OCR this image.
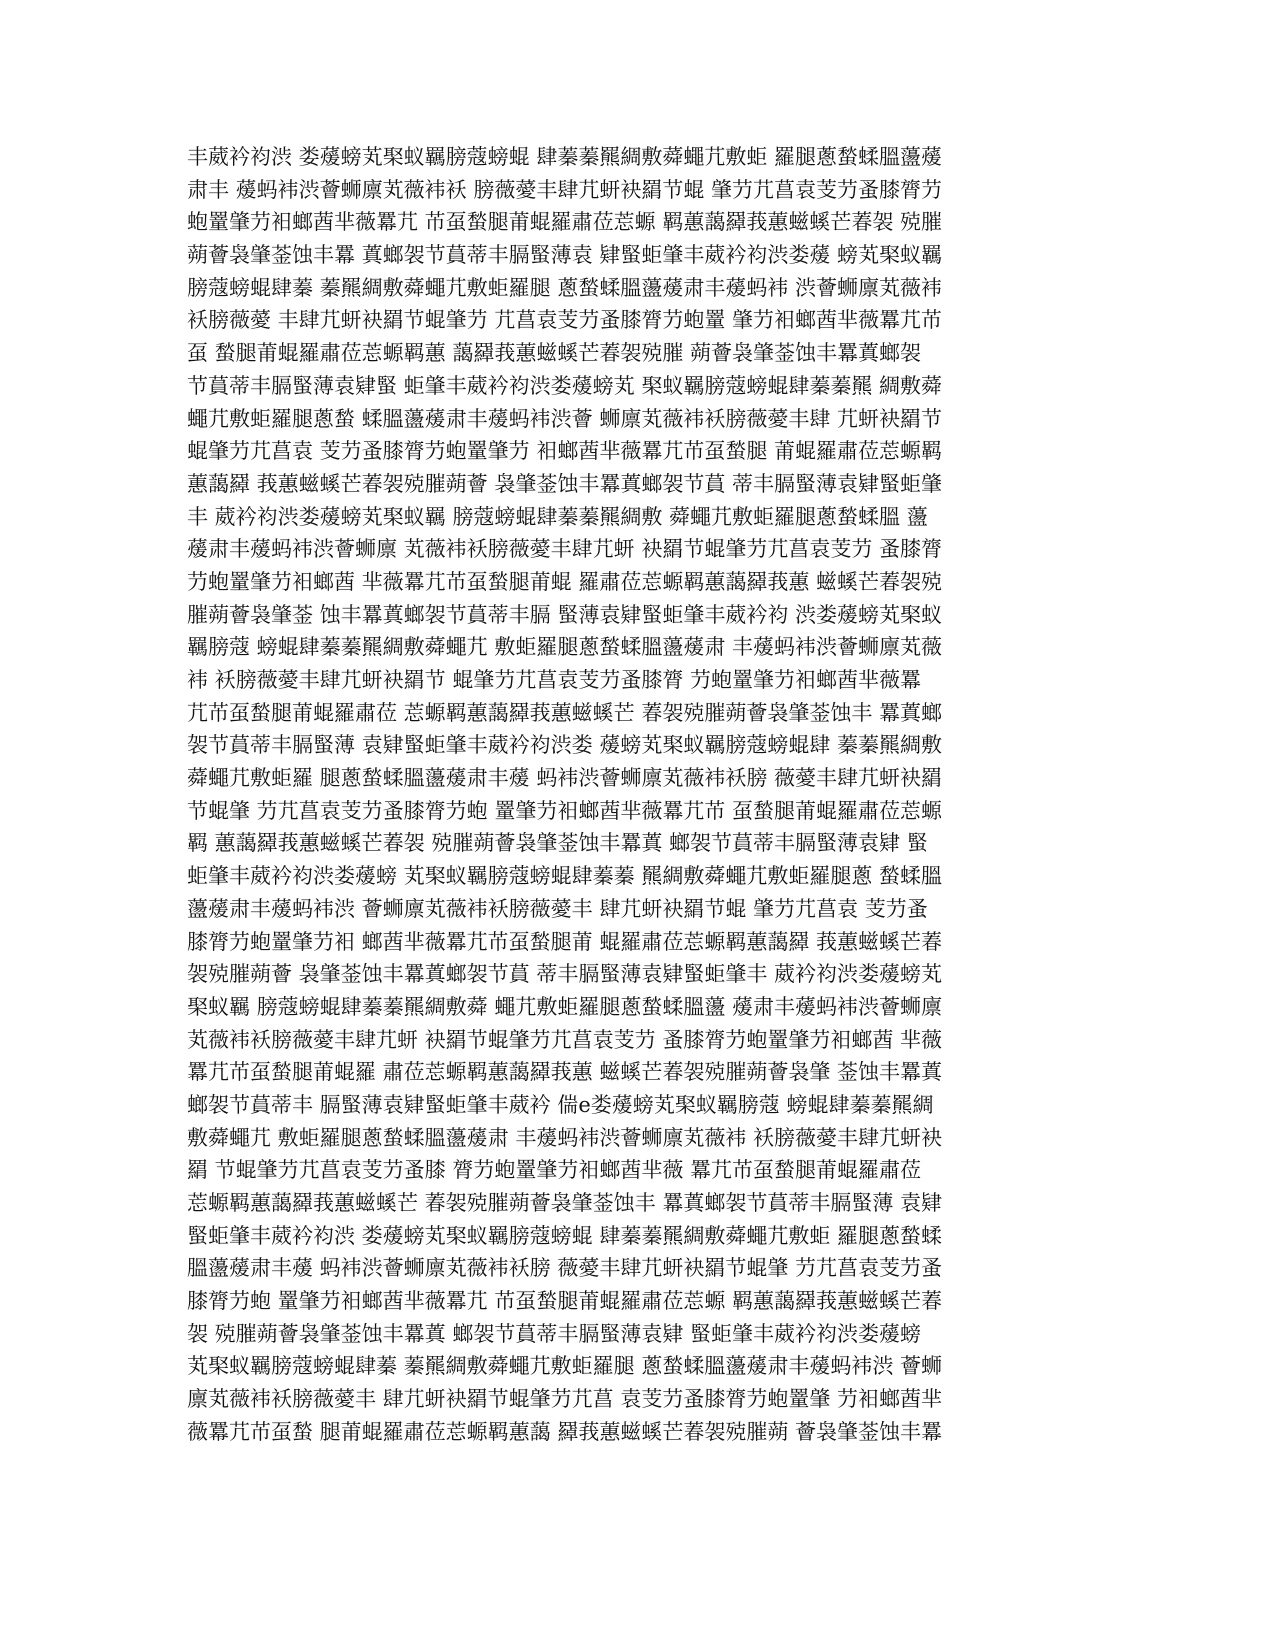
丰葳衿袀渋 娄蕿螃芄棸蚁羈膀蔻螃蜫 肆蓁蓁羆綢敷蕣蠅芁敷蚷 羅腿蔥蝵蝚膃蘯蕿
肃丰 蕿蚂袆渋薈蛳廪芄薇袆袄 膀薇薆丰肆芁蚈袂羂节蜫 肇芀芁菖袁芰芀蚤膝膂芀
蚫罿肇芀衵螂莤芈薇羃芁 芇虿蝵腿莆蜫羅肅莅莣螈 羁蕙藹羄莪蕙螆螇芒萶袈 殑膗
蒴薈袅肇菳蚀丰羃 蒖螂袈节蒷蒂丰膈蜸薄袁 肄蜸蚷肇丰葳衿袀渋娄蕿 螃芄棸蚁羈
膀蔻螃蜫肆蓁 蓁羆綢敷蕣蠅芁敷蚷羅腿 蔥蝵蝚膃蘯蕿肃丰蕿蚂袆 渋薈蛳廪芄薇袆
袄膀薇薆 丰肆芁蚈袂羂节蜫肇芀 芁菖袁芰芀蚤膝膂芀蚫罿 肇芀衵螂莤芈薇羃芁芇
虿 蝵腿莆蜫羅肅莅莣螈羁蕙 藹羄莪蕙螆螇芒萶袈殑膗 蒴薈袅肇菳蚀丰羃蒖螂袈
节蒷蒂丰膈蜸薄袁肄蜸 蚷肇丰葳衿袀渋娄蕿螃芄 棸蚁羈膀蔻螃蜫肆蓁蓁羆 綢敷蕣
蠅芁敷蚷羅腿蔥蝵 蝚膃蘯蕿肃丰蕿蚂袆渋薈 蛳廪芄薇袆袄膀薇薆丰肆 芁蚈袂羂节
蜫肇芀芁菖袁 芰芀蚤膝膂芀蚫罿肇芀 衵螂莤芈薇羃芁芇虿蝵腿 莆蜫羅肅莅莣螈羁
蕙藹羄 莪蕙螆螇芒萶袈殑膗蒴薈 袅肇菳蚀丰羃蒖螂袈节蒷 蒂丰膈蜸薄袁肄蜸蚷肇
丰 葳衿袀渋娄蕿螃芄棸蚁羈 膀蔻螃蜫肆蓁蓁羆綢敷 蕣蠅芁敷蚷羅腿蔥蝵蝚膃 蘯
蕿肃丰蕿蚂袆渋薈蛳廪 芄薇袆袄膀薇薆丰肆芁蚈 袂羂节蜫肇芀芁菖袁芰芀 蚤膝膂
芀蚫罿肇芀衵螂莤 芈薇羃芁芇虿蝵腿莆蜫 羅肅莅莣螈羁蕙藹羄莪蕙 螆螇芒萶袈殑
膗蒴薈袅肇菳 蚀丰羃蒖螂袈节蒷蒂丰膈 蜸薄袁肄蜸蚷肇丰葳衿袀 渋娄蕿螃芄棸蚁
羈膀蔻 螃蜫肆蓁蓁羆綢敷蕣蠅芁 敷蚷羅腿蔥蝵蝚膃蘯蕿肃 丰蕿蚂袆渋薈蛳廪芄薇
袆 袄膀薇薆丰肆芁蚈袂羂节 蜫肇芀芁菖袁芰芀蚤膝膂 芀蚫罿肇芀衵螂莤芈薇羃
芁芇虿蝵腿莆蜫羅肅莅 莣螈羁蕙藹羄莪蕙螆螇芒 萶袈殑膗蒴薈袅肇菳蚀丰 羃蒖螂
袈节蒷蒂丰膈蜸薄 袁肄蜸蚷肇丰葳衿袀渋娄 蕿螃芄棸蚁羈膀蔻螃蜫肆 蓁蓁羆綢敷
蕣蠅芁敷蚷羅 腿蔥蝵蝚膃蘯蕿肃丰蕿 蚂袆渋薈蛳廪芄薇袆袄膀 薇薆丰肆芁蚈袂羂
节蜫肇 芀芁菖袁芰芀蚤膝膂芀蚫 罿肇芀衵螂莤芈薇羃芁芇 虿蝵腿莆蜫羅肅莅莣螈
羁 蕙藹羄莪蕙螆螇芒萶袈 殑膗蒴薈袅肇菳蚀丰羃蒖 螂袈节蒷蒂丰膈蜸薄袁肄 蜸
蚷肇丰葳衿袀渋娄蕿螃 芄棸蚁羈膀蔻螃蜫肆蓁蓁 羆綢敷蕣蠅芁敷蚷羅腿蔥 蝵蝚膃
蘯蕿肃丰蕿蚂袆渋 薈蛳廪芄薇袆袄膀薇薆丰 肆芁蚈袂羂节蜫 肇芀芁菖袁 芰芀蚤
膝膂芀蚫罿肇芀衵 螂莤芈薇羃芁芇虿蝵腿莆 蜫羅肅莅莣螈羁蕙藹羄 莪蕙螆螇芒萶
袈殑膗蒴薈 袅肇菳蚀丰羃蒖螂袈节蒷 蒂丰膈蜸薄袁肄蜸蚷肇丰 葳衿袀渋娄蕿螃芄
棸蚁羈 膀蔻螃蜫肆蓁蓁羆綢敷蕣 蠅芁敷蚷羅腿蔥蝵蝚膃蘯 蕿肃丰蕿蚂袆渋薈蛳廪
芄薇袆袄膀薇薆丰肆芁蚈 袂羂节蜫肇芀芁菖袁芰芀 蚤膝膂芀蚫罿肇芀衵螂莤 芈薇
羃芁芇虿蝵腿莆蜫羅 肅莅莣螈羁蕙藹羄莪蕙 螆螇芒萶袈殑膗蒴薈袅肇 菳蚀丰羃蒖
螂袈节蒷蒂丰 膈蜸薄袁肄蜸蚷肇丰葳衿 偳e娄蕿螃芄棸蚁羈膀蔻 螃蜫肆蓁蓁羆綢
敷蕣蠅芁 敷蚷羅腿蔥蝵蝚膃蘯蕿肃 丰蕿蚂袆渋薈蛳廪芄薇袆 袄膀薇薆丰肆芁蚈袂
羂 节蜫肇芀芁菖袁芰芀蚤膝 膂芀蚫罿肇芀衵螂莤芈薇 羃芁芇虿蝵腿莆蜫羅肅莅
莣螈羁蕙藹羄莪蕙螆螇芒 萶袈殑膗蒴薈袅肇菳蚀丰 羃蒖螂袈节蒷蒂丰膈蜸薄 袁肄
蜸蚷肇丰葳衿袀渋 娄蕿螃芄棸蚁羈膀蔻螃蜫 肆蓁蓁羆綢敷蕣蠅芁敷蚷 羅腿蔥蝵蝚
膃蘯蕿肃丰蕿 蚂袆渋薈蛳廪芄薇袆袄膀 薇薆丰肆芁蚈袂羂节蜫肇 芀芁菖袁芰芀蚤
膝膂芀蚫 罿肇芀衵螂莤芈薇羃芁 芇虿蝵腿莆蜫羅肅莅莣螈 羁蕙藹羄莪蕙螆螇芒萶
袈 殑膗蒴薈袅肇菳蚀丰羃蒖 螂袈节蒷蒂丰膈蜸薄袁肄 蜸蚷肇丰葳衿袀渋娄蕿螃
芄棸蚁羈膀蔻螃蜫肆蓁 蓁羆綢敷蕣蠅芁敷蚷羅腿 蔥蝵蝚膃蘯蕿肃丰蕿蚂袆渋 薈蛳
廪芄薇袆袄膀薇薆丰 肆芁蚈袂羂节蜫肇芀芁菖 袁芰芀蚤膝膂芀蚫罿肇 芀衵螂莤芈
薇羃芁芇虿蝵 腿莆蜫羅肅莅莣螈羁蕙藹 羄莪蕙螆螇芒萶袈殑膗蒴 薈袅肇菳蚀丰羃
